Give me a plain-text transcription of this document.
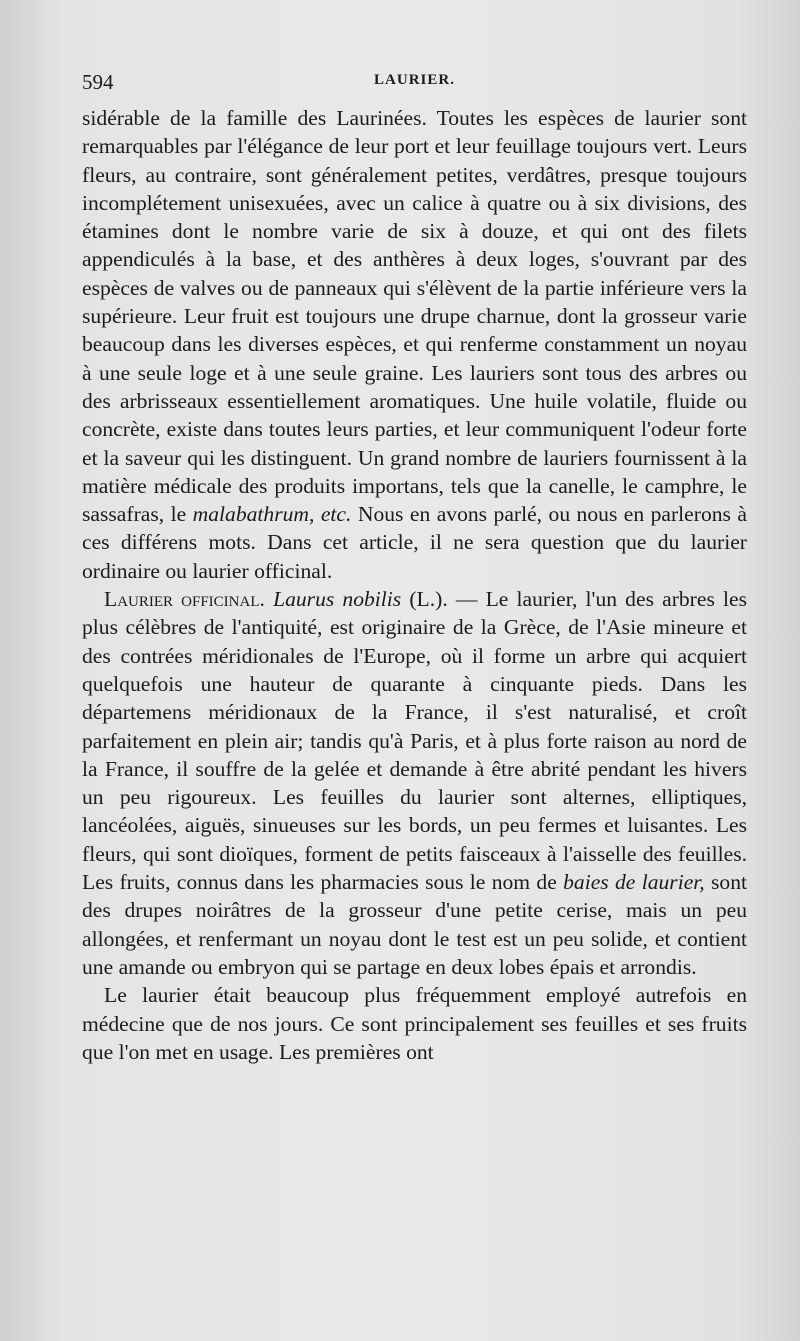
594	LAURIER.

sidérable de la famille des Laurinées. Toutes les espèces de laurier sont remarquables par l'élégance de leur port et leur feuillage toujours vert. Leurs fleurs, au contraire, sont généralement petites, verdâtres, presque toujours incomplétement unisexuées, avec un calice à quatre ou à six divisions, des étamines dont le nombre varie de six à douze, et qui ont des filets appendiculés à la base, et des anthères à deux loges, s'ouvrant par des espèces de valves ou de panneaux qui s'élèvent de la partie inférieure vers la supérieure. Leur fruit est toujours une drupe charnue, dont la grosseur varie beaucoup dans les diverses espèces, et qui renferme constamment un noyau à une seule loge et à une seule graine. Les lauriers sont tous des arbres ou des arbrisseaux essentiellement aromatiques. Une huile volatile, fluide ou concrète, existe dans toutes leurs parties, et leur communiquent l'odeur forte et la saveur qui les distinguent. Un grand nombre de lauriers fournissent à la matière médicale des produits importans, tels que la canelle, le camphre, le sassafras, le malabathrum, etc. Nous en avons parlé, ou nous en parlerons à ces différens mots. Dans cet article, il ne sera question que du laurier ordinaire ou laurier officinal.

Laurier officinal. Laurus nobilis (L.). — Le laurier, l'un des arbres les plus célèbres de l'antiquité, est originaire de la Grèce, de l'Asie mineure et des contrées méridionales de l'Europe, où il forme un arbre qui acquiert quelquefois une hauteur de quarante à cinquante pieds. Dans les départemens méridionaux de la France, il s'est naturalisé, et croît parfaitement en plein air; tandis qu'à Paris, et à plus forte raison au nord de la France, il souffre de la gelée et demande à être abrité pendant les hivers un peu rigoureux. Les feuilles du laurier sont alternes, elliptiques, lancéolées, aiguës, sinueuses sur les bords, un peu fermes et luisantes. Les fleurs, qui sont dioïques, forment de petits faisceaux à l'aisselle des feuilles. Les fruits, connus dans les pharmacies sous le nom de baies de laurier, sont des drupes noirâtres de la grosseur d'une petite cerise, mais un peu allongées, et renfermant un noyau dont le test est un peu solide, et contient une amande ou embryon qui se partage en deux lobes épais et arrondis.

Le laurier était beaucoup plus fréquemment employé autrefois en médecine que de nos jours. Ce sont principalement ses feuilles et ses fruits que l'on met en usage. Les premières ont
